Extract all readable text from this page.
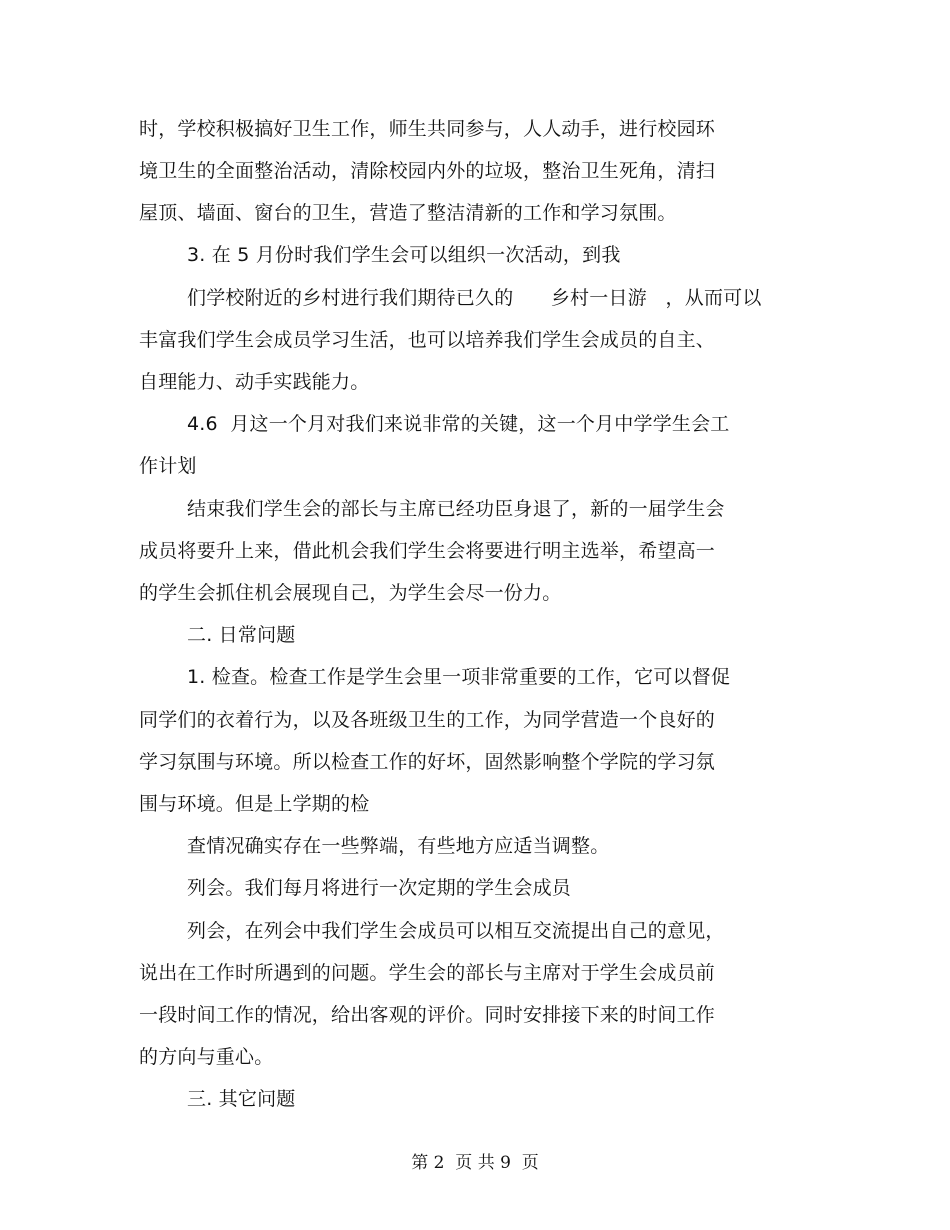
时，学校积极搞好卫生工作，师生共同参与，人人动手，进行校园环
境卫生的全面整治活动，清除校园内外的垃圾，整治卫生死角，清扫
屋顶、墙面、窗台的卫生，营造了整洁清新的工作和学习氛围。
3. 在 5 月份时我们学生会可以组织一次活动，到我
们学校附近的乡村进行我们期待已久的      乡村一日游   ，从而可以
丰富我们学生会成员学习生活，也可以培养我们学生会成员的自主、
自理能力、动手实践能力。
4.6  月这一个月对我们来说非常的关键，这一个月中学学生会工
作计划
结束我们学生会的部长与主席已经功臣身退了，新的一届学生会
成员将要升上来，借此机会我们学生会将要进行明主选举，希望高一
的学生会抓住机会展现自己，为学生会尽一份力。
二. 日常问题
1. 检查。检查工作是学生会里一项非常重要的工作，它可以督促
同学们的衣着行为，以及各班级卫生的工作，为同学营造一个良好的
学习氛围与环境。所以检查工作的好坏，固然影响整个学院的学习氛
围与环境。但是上学期的检
查情况确实存在一些弊端，有些地方应适当调整。
列会。我们每月将进行一次定期的学生会成员
列会，在列会中我们学生会成员可以相互交流提出自己的意见，
说出在工作时所遇到的问题。学生会的部长与主席对于学生会成员前
一段时间工作的情况，给出客观的评价。同时安排接下来的时间工作
的方向与重心。
三. 其它问题
第 2  页 共 9  页
